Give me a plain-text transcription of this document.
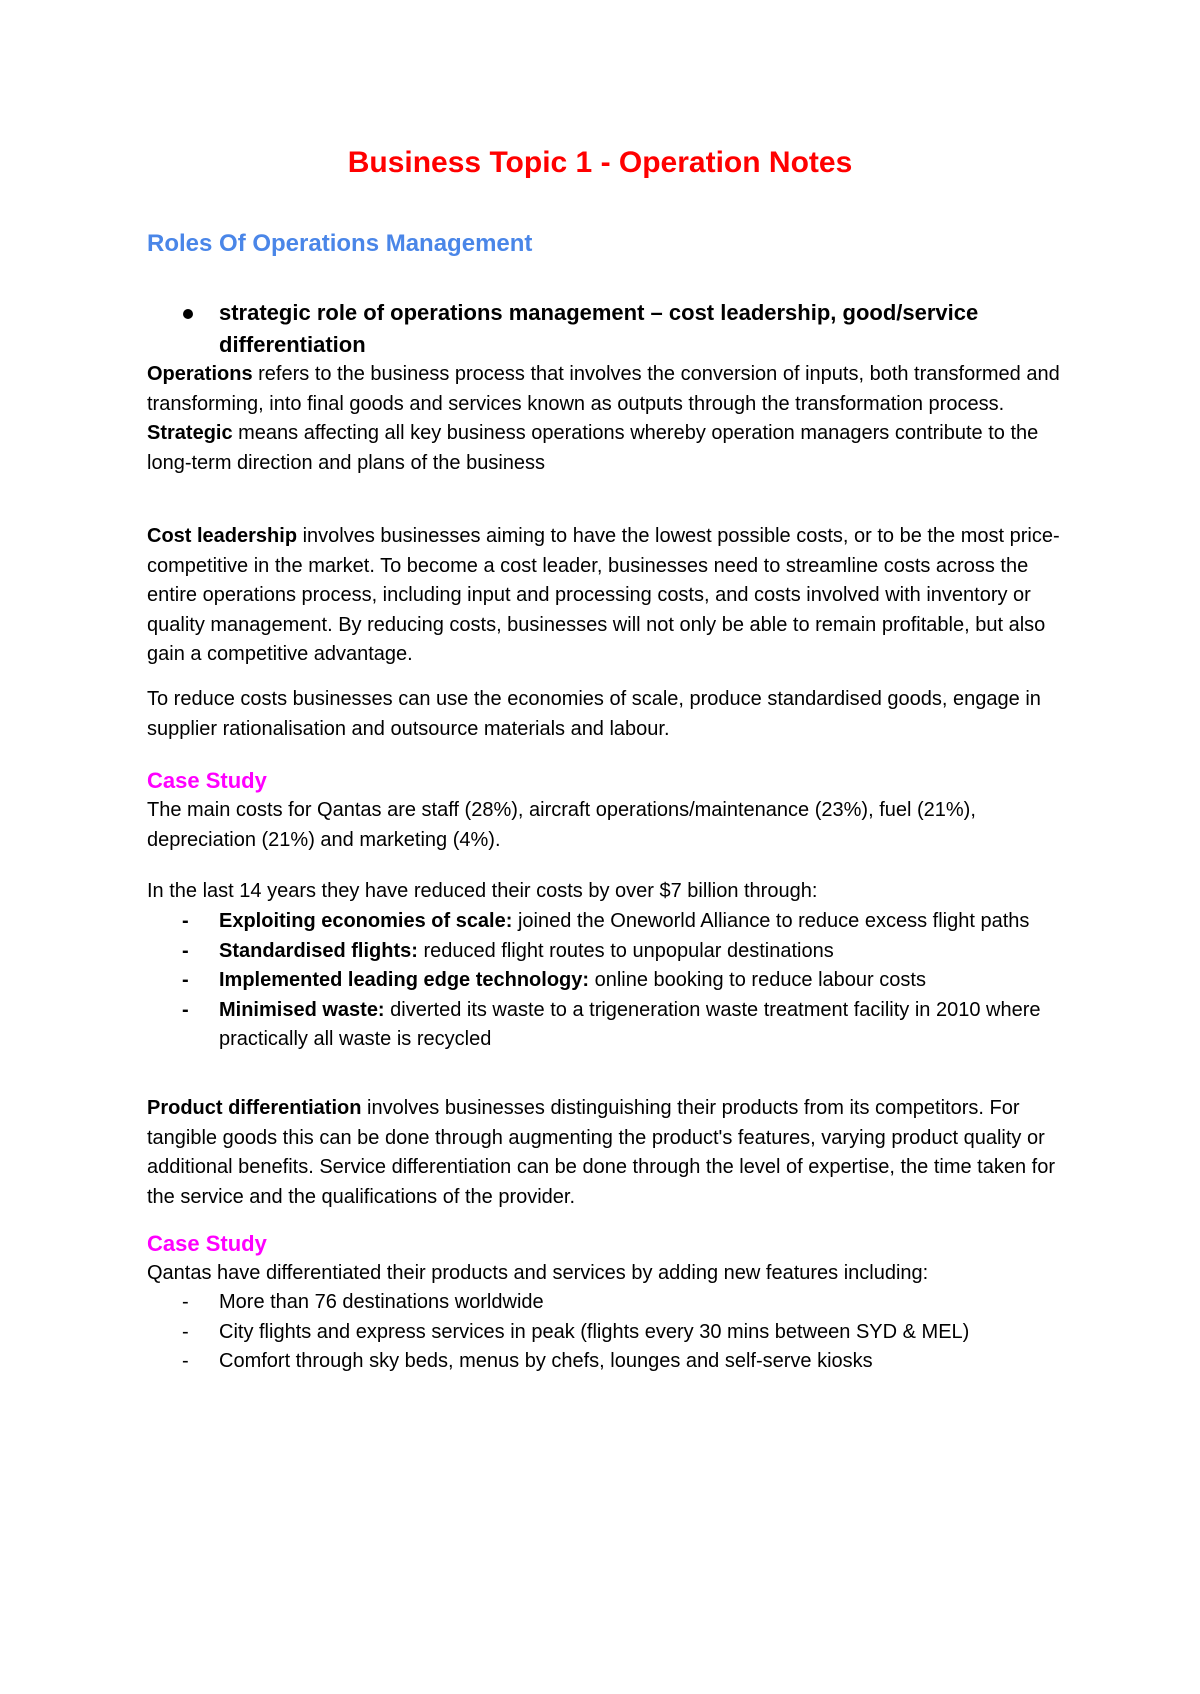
Business Topic 1 - Operation Notes
Roles Of Operations Management
strategic role of operations management – cost leadership, good/service differentiation

Operations refers to the business process that involves the conversion of inputs, both transformed and transforming, into final goods and services known as outputs through the transformation process.
Strategic means affecting all key business operations whereby operation managers contribute to the long-term direction and plans of the business

Cost leadership involves businesses aiming to have the lowest possible costs, or to be the most price-competitive in the market. To become a cost leader, businesses need to streamline costs across the entire operations process, including input and processing costs, and costs involved with inventory or quality management. By reducing costs, businesses will not only be able to remain profitable, but also gain a competitive advantage.

To reduce costs businesses can use the economies of scale, produce standardised goods, engage in supplier rationalisation and outsource materials and labour.

Case Study

The main costs for Qantas are staff (28%), aircraft operations/maintenance (23%), fuel (21%), depreciation (21%) and marketing (4%).

In the last 14 years they have reduced their costs by over $7 billion through:

- Exploiting economies of scale: joined the Oneworld Alliance to reduce excess flight paths
- Standardised flights: reduced flight routes to unpopular destinations
- Implemented leading edge technology: online booking to reduce labour costs
- Minimised waste: diverted its waste to a trigeneration waste treatment facility in 2010 where practically all waste is recycled

Product differentiation involves businesses distinguishing their products from its competitors. For tangible goods this can be done through augmenting the product's features, varying product quality or additional benefits. Service differentiation can be done through the level of expertise, the time taken for the service and the qualifications of the provider.

Case Study

Qantas have differentiated their products and services by adding new features including:

- More than 76 destinations worldwide
- City flights and express services in peak (flights every 30 mins between SYD & MEL)
- Comfort through sky beds, menus by chefs, lounges and self-serve kiosks
